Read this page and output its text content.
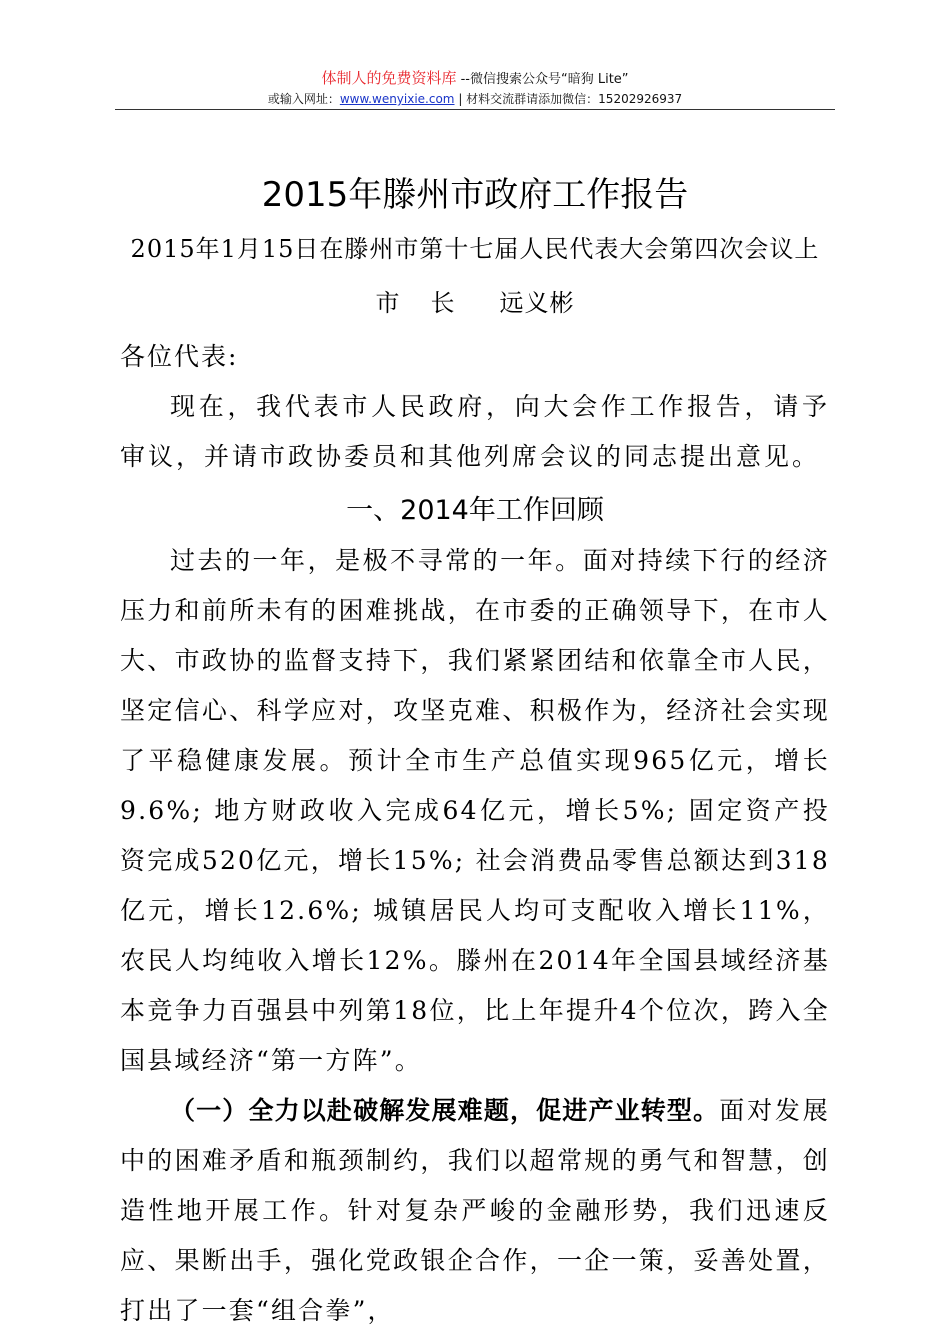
体制人的免费资料库 --微信搜索公众号“暗狗 Lite”
或输入网址：www.wenyixie.com | 材料交流群请添加微信：15202926937
2015年滕州市政府工作报告

2015年1月15日在滕州市第十七届人民代表大会第四次会议上

市 长 远义彬

各位代表:

现在，我代表市人民政府，向大会作工作报告，请予审议，并请市政协委员和其他列席会议的同志提出意见。

一、2014年工作回顾

过去的一年，是极不寻常的一年。面对持续下行的经济压力和前所未有的困难挑战，在市委的正确领导下，在市人大、市政协的监督支持下，我们紧紧团结和依靠全市人民，坚定信心、科学应对，攻坚克难、积极作为，经济社会实现了平稳健康发展。预计全市生产总值实现965亿元，增长9.6%; 地方财政收入完成64亿元，增长5%; 固定资产投资完成520亿元，增长15%; 社会消费品零售总额达到318亿元，增长12.6%; 城镇居民人均可支配收入增长11%，农民人均纯收入增长12%。滕州在2014年全国县域经济基本竞争力百强县中列第18位，比上年提升4个位次，跨入全国县域经济“第一方阵”。

（一）全力以赴破解发展难题，促进产业转型。面对发展中的困难矛盾和瓶颈制约，我们以超常规的勇气和智慧，创造性地开展工作。针对复杂严峻的金融形势，我们迅速反应、果断出手，强化党政银企合作，一企一策，妥善处置，打出了一套“组合拳”，
